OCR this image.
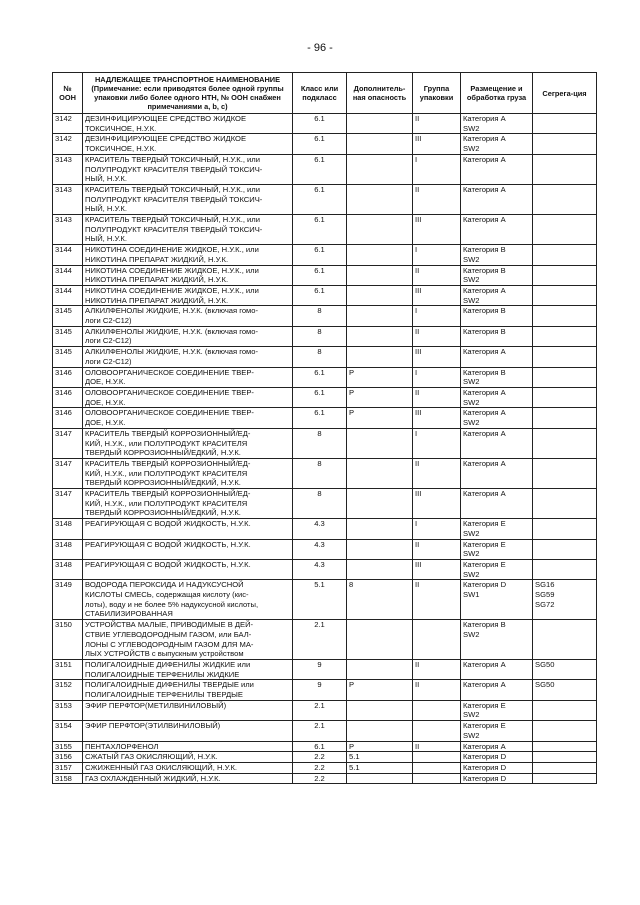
- 96 -
№ ООН	НАДЛЕЖАЩЕЕ ТРАНСПОРТНОЕ НАИМЕНОВАНИЕ (Примечание: если приводятся более одной группы упаковки либо более одного НТН, № ООН снабжен примечаниями a, b, c)	Класс или подкласс	Дополнитель-ная опасность	Группа упаковки	Размещение и обработка груза	Сегрега-ция
3142	ДЕЗИНФИЦИРУЮЩЕЕ СРЕДСТВО ЖИДКОЕ
ТОКСИЧНОЕ, Н.У.К.	6.1		II	Категория А
SW2	

3142	ДЕЗИНФИЦИРУЮЩЕЕ СРЕДСТВО ЖИДКОЕ
ТОКСИЧНОЕ, Н.У.К.	6.1		III	Категория А
SW2	

3143	КРАСИТЕЛЬ ТВЕРДЫЙ ТОКСИЧНЫЙ, Н.У.К., или
ПОЛУПРОДУКТ КРАСИТЕЛЯ ТВЕРДЫЙ ТОКСИЧ-
НЫЙ, Н.У.К.	6.1		I	Категория А	

3143	КРАСИТЕЛЬ ТВЕРДЫЙ ТОКСИЧНЫЙ, Н.У.К., или
ПОЛУПРОДУКТ КРАСИТЕЛЯ ТВЕРДЫЙ ТОКСИЧ-
НЫЙ, Н.У.К.	6.1		II	Категория А	

3143	КРАСИТЕЛЬ ТВЕРДЫЙ ТОКСИЧНЫЙ, Н.У.К., или
ПОЛУПРОДУКТ КРАСИТЕЛЯ ТВЕРДЫЙ ТОКСИЧ-
НЫЙ, Н.У.К.	6.1		III	Категория А	

3144	НИКОТИНА СОЕДИНЕНИЕ ЖИДКОЕ, Н.У.К., или
НИКОТИНА ПРЕПАРАТ ЖИДКИЙ, Н.У.К.	6.1		I	Категория В
SW2	

3144	НИКОТИНА СОЕДИНЕНИЕ ЖИДКОЕ, Н.У.К., или
НИКОТИНА ПРЕПАРАТ ЖИДКИЙ, Н.У.К.	6.1		II	Категория В
SW2	

3144	НИКОТИНА СОЕДИНЕНИЕ ЖИДКОЕ, Н.У.К., или
НИКОТИНА ПРЕПАРАТ ЖИДКИЙ, Н.У.К.	6.1		III	Категория А
SW2	

3145	АЛКИЛФЕНОЛЫ ЖИДКИЕ, Н.У.К. (включая гомо-
логи С2-С12)	8		I	Категория В	

3145	АЛКИЛФЕНОЛЫ ЖИДКИЕ, Н.У.К. (включая гомо-
логи С2-С12)	8		II	Категория В	

3145	АЛКИЛФЕНОЛЫ ЖИДКИЕ, Н.У.К. (включая гомо-
логи С2-С12)	8		III	Категория А	

3146	ОЛОВООРГАНИЧЕСКОЕ СОЕДИНЕНИЕ ТВЕР-
ДОЕ, Н.У.К.	6.1	P	I	Категория В
SW2	

3146	ОЛОВООРГАНИЧЕСКОЕ СОЕДИНЕНИЕ ТВЕР-
ДОЕ, Н.У.К.	6.1	P	II	Категория А
SW2	

3146	ОЛОВООРГАНИЧЕСКОЕ СОЕДИНЕНИЕ ТВЕР-
ДОЕ, Н.У.К.	6.1	P	III	Категория А
SW2	

3147	КРАСИТЕЛЬ ТВЕРДЫЙ КОРРОЗИОННЫЙ/ЕД-
КИЙ, Н.У.К., или ПОЛУПРОДУКТ КРАСИТЕЛЯ
ТВЕРДЫЙ КОРРОЗИОННЫЙ/ЕДКИЙ, Н.У.К.	8		I	Категория А	

3147	КРАСИТЕЛЬ ТВЕРДЫЙ КОРРОЗИОННЫЙ/ЕД-
КИЙ, Н.У.К., или ПОЛУПРОДУКТ КРАСИТЕЛЯ
ТВЕРДЫЙ КОРРОЗИОННЫЙ/ЕДКИЙ, Н.У.К.	8		II	Категория А	

3147	КРАСИТЕЛЬ ТВЕРДЫЙ КОРРОЗИОННЫЙ/ЕД-
КИЙ, Н.У.К., или ПОЛУПРОДУКТ КРАСИТЕЛЯ
ТВЕРДЫЙ КОРРОЗИОННЫЙ/ЕДКИЙ, Н.У.К.	8		III	Категория А	

3148	РЕАГИРУЮЩАЯ С ВОДОЙ ЖИДКОСТЬ, Н.У.К.	4.3		I	Категория Е
SW2	

3148	РЕАГИРУЮЩАЯ С ВОДОЙ ЖИДКОСТЬ, Н.У.К.	4.3		II	Категория Е
SW2	

3148	РЕАГИРУЮЩАЯ С ВОДОЙ ЖИДКОСТЬ, Н.У.К.	4.3		III	Категория Е
SW2	

3149	ВОДОРОДА ПЕРОКСИДА И НАДУКСУСНОЙ
КИСЛОТЫ СМЕСЬ, содержащая кислоту (кис-
лоты), воду и не более 5% надуксусной кислоты,
СТАБИЛИЗИРОВАННАЯ	5.1	8	II	Категория D
SW1	SG16
SG59
SG72

3150	УСТРОЙСТВА МАЛЫЕ, ПРИВОДИМЫЕ В ДЕЙ-
СТВИЕ УГЛЕВОДОРОДНЫМ ГАЗОМ, или БАЛ-
ЛОНЫ С УГЛЕВОДОРОДНЫМ ГАЗОМ ДЛЯ МА-
ЛЫХ УСТРОЙСТВ с выпускным устройством	2.1			Категория В
SW2	

3151	ПОЛИГАЛОИДНЫЕ ДИФЕНИЛЫ ЖИДКИЕ или
ПОЛИГАЛОИДНЫЕ ТЕРФЕНИЛЫ ЖИДКИЕ	9		II	Категория А	SG50

3152	ПОЛИГАЛОИДНЫЕ ДИФЕНИЛЫ ТВЕРДЫЕ или
ПОЛИГАЛОИДНЫЕ ТЕРФЕНИЛЫ ТВЕРДЫЕ	9	P	II	Категория А	SG50

3153	ЭФИР ПЕРФТОР(МЕТИЛВИНИЛОВЫЙ)	2.1			Категория Е
SW2	

3154	ЭФИР ПЕРФТОР(ЭТИЛВИНИЛОВЫЙ)	2.1			Категория Е
SW2	

3155	ПЕНТАХЛОРФЕНОЛ	6.1	P	II	Категория А	

3156	СЖАТЫЙ ГАЗ ОКИСЛЯЮЩИЙ, Н.У.К.	2.2	5.1		Категория D	

3157	СЖИЖЕННЫЙ ГАЗ ОКИСЛЯЮЩИЙ, Н.У.К.	2.2	5.1		Категория D	

3158	ГАЗ ОХЛАЖДЕННЫЙ ЖИДКИЙ, Н.У.К.	2.2			Категория D	
